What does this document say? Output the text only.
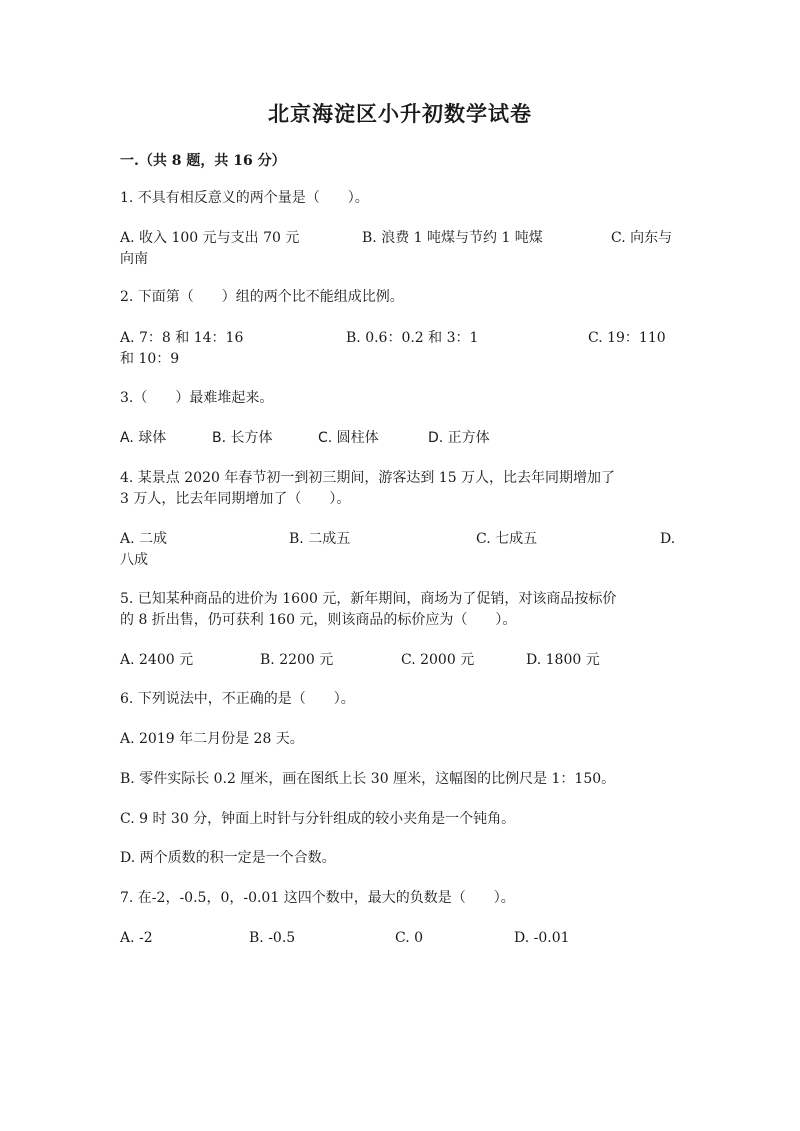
北京海淀区小升初数学试卷
一.（共 8 题，共 16 分）
1. 不具有相反意义的两个量是（　　）。
A. 收入 100 元与支出 70 元	B. 浪费 1 吨煤与节约 1 吨煤	C. 向东与
向南
2. 下面第（　　）组的两个比不能组成比例。
A. 7：8 和 14：16	B. 0.6：0.2 和 3：1	C. 19：110
和 10：9
3.（　　）最难堆起来。
A. 球体	B. 长方体	C. 圆柱体	D. 正方体
4. 某景点 2020 年春节初一到初三期间，游客达到 15 万人，比去年同期增加了
3 万人，比去年同期增加了（　　）。
A. 二成	B. 二成五	C. 七成五	D.
八成
5. 已知某种商品的进价为 1600 元，新年期间，商场为了促销，对该商品按标价
的 8 折出售，仍可获利 160 元，则该商品的标价应为（　　）。
A. 2400 元	B. 2200 元	C. 2000 元	D. 1800 元
6. 下列说法中，不正确的是（　　）。
A. 2019 年二月份是 28 天。
B. 零件实际长 0.2 厘米，画在图纸上长 30 厘米，这幅图的比例尺是 1：150。
C. 9 时 30 分，钟面上时针与分针组成的较小夹角是一个钝角。
D. 两个质数的积一定是一个合数。
7. 在-2，-0.5，0，-0.01 这四个数中，最大的负数是（　　）。
A. -2	B. -0.5	C. 0	D. -0.01
